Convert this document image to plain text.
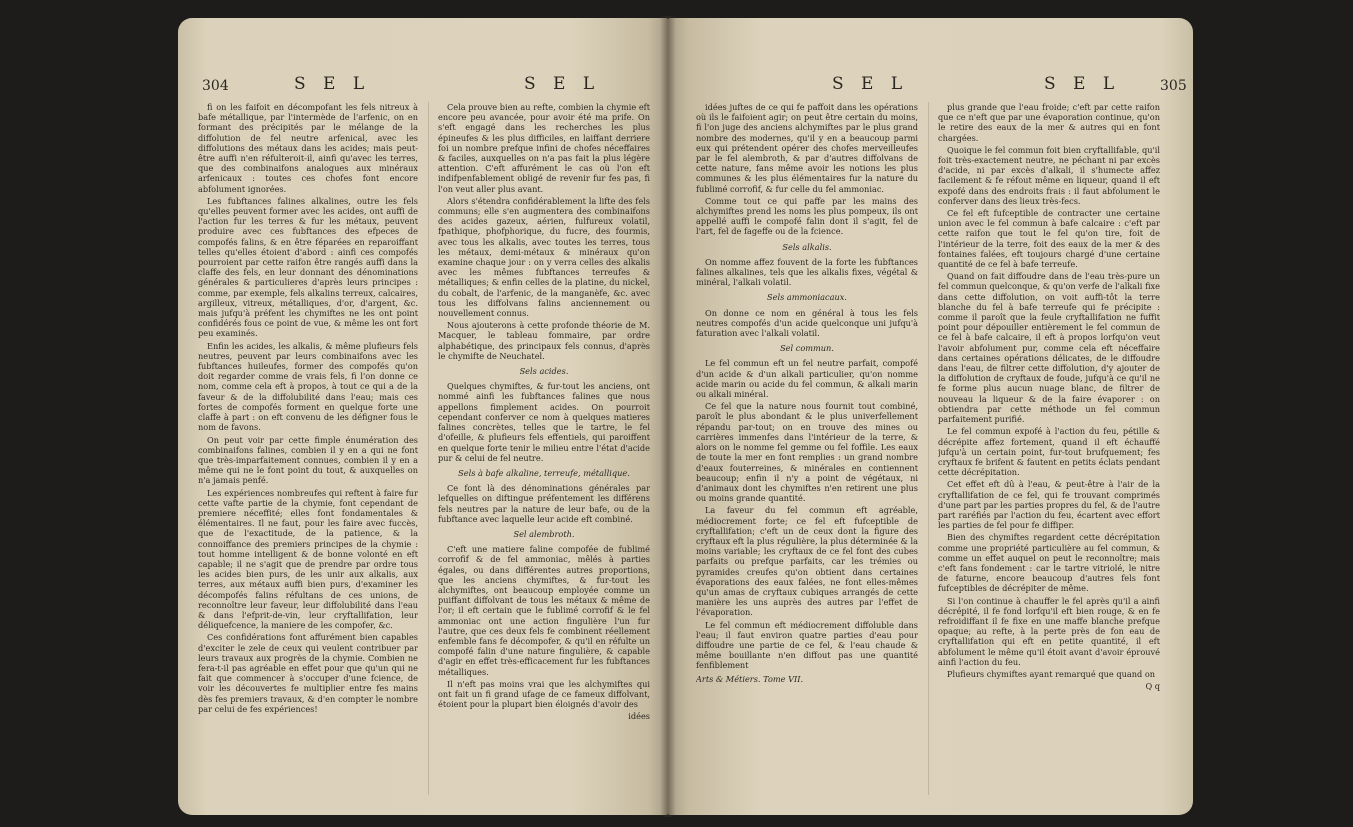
304	S E L	S E L

fi on les faifoit en décompofant les fels nitreux à bafe métallique, par l'intermède de l'arfenic, on en formant des précipités par le mélange de la diffolution de fel neutre arfenical, avec les diffolutions des métaux dans les acides; mais peut-être auffi n'en réfulteroit-il, ainfi qu'avec les terres, que des combinaifons analogues aux minéraux arfenicaux : toutes ces chofes font encore abfolument ignorées.

Les fubftances falines alkalines, outre les fels qu'elles peuvent former avec les acides, ont auffi de l'action fur les terres & fur les métaux, peuvent produire avec ces fubftances des efpeces de compofés falins, & en être féparées en reparoiffant telles qu'elles étoient d'abord : ainfi ces compofés pourroient par cette raifon être rangés auffi dans la claffe des fels, en leur donnant des dénominations générales & particulieres d'après leurs principes : comme, par exemple, fels alkalins terreux, calcaires, argilleux, vitreux, métalliques, d'or, d'argent, &c. mais jufqu'à préfent les chymiftes ne les ont point confidérés fous ce point de vue, & même les ont fort peu examinés.

Enfin les acides, les alkalis, & même plufieurs fels neutres, peuvent par leurs combinaifons avec les fubftances huileufes, former des compofés qu'on doit regarder comme de vrais fels, fi l'on donne ce nom, comme cela eft à propos, à tout ce qui a de la faveur & de la diffolubilité dans l'eau; mais ces fortes de compofés forment en quelque forte une claffe à part : on eft convenu de les défigner fous le nom de favons.

On peut voir par cette fimple énumération des combinaifons falines, combien il y en a qui ne font que très-imparfaitement connues, combien il y en a même qui ne le font point du tout, & auxquelles on n'a jamais penfé.

Les expériences nombreufes qui reftent à faire fur cette vafte partie de la chymie, font cependant de premiere néceffité; elles font fondamentales & élémentaires. Il ne faut, pour les faire avec fuccès, que de l'exactitude, de la patience, & la connoiffance des premiers principes de la chymie : tout homme intelligent & de bonne volonté en eft capable; il ne s'agit que de prendre par ordre tous les acides bien purs, de les unir aux alkalis, aux terres, aux métaux auffi bien purs, d'examiner les décompofés falins réfultans de ces unions, de reconnoître leur faveur, leur diffolubilité dans l'eau & dans l'efprit-de-vin, leur cryftallifation, leur déliquefcence, la maniere de les compofer, &c.

Ces confidérations font affurément bien capables d'exciter le zele de ceux qui veulent contribuer par leurs travaux aux progrès de la chymie. Combien ne fera-t-il pas agréable en effet pour que qu'un qui ne fait que commencer à s'occuper d'une fcience, de voir les découvertes fe multiplier entre fes mains dès fes premiers travaux, & d'en compter le nombre par celui de fes expériences!

Cela prouve bien au refte, combien la chymie eft encore peu avancée, pour avoir été ma prife. On s'eft engagé dans les recherches les plus épineufes & les plus difficiles, en laiffant derriere foi un nombre prefque infini de chofes néceffaires & faciles, auxquelles on n'a pas fait la plus légère attention. C'eft affurément le cas où l'on eft indifpenfablement obligé de revenir fur fes pas, fi l'on veut aller plus avant.

Alors s'étendra confidérablement la lifte des fels communs; elle s'en augmentera des combinaifons des acides gazeux, aérien, fulfureux volatil, fpathique, phofphorique, du fucre, des fourmis, avec tous les alkalis, avec toutes les terres, tous les métaux, demi-métaux & minéraux qu'on examine chaque jour : on y verra celles des alkalis avec les mêmes fubftances terreufes & métalliques; & enfin celles de la platine, du nickel, du cobalt, de l'arfenic, de la manganèfe, &c. avec tous les diffolvans falins anciennement ou nouvellement connus.

Nous ajouterons à cette profonde théorie de M. Macquer, le tableau fommaire, par ordre alphabétique, des principaux fels connus, d'après le chymifte de Neuchatel.

Sels acides.

Quelques chymiftes, & fur-tout les anciens, ont nommé ainfi les fubftances falines que nous appellons fimplement acides. On pourroit cependant conferver ce nom à quelques matieres falines concrètes, telles que le tartre, le fel d'ofeille, & plufieurs fels effentiels, qui paroiffent en quelque forte tenir le milieu entre l'état d'acide pur & celui de fel neutre.

Sels à bafe alkaline, terreufe, métallique.

Ce font là des dénominations générales par lefquelles on diftingue préfentement les différens fels neutres par la nature de leur bafe, ou de la fubftance avec laquelle leur acide eft combiné.

Sel alembroth.

C'eft une matiere faline compofée de fublimé corrofif & de fel ammoniac, mêlés à parties égales, ou dans différentes autres proportions, que les anciens chymiftes, & fur-tout les alchymiftes, ont beaucoup employée comme un puiffant diffolvant de tous les métaux & même de l'or; il eft certain que le fublimé corrofif & le fel ammoniac ont une action fingulière l'un fur l'autre, que ces deux fels fe combinent réellement enfemble fans fe décompofer, & qu'il en réfulte un compofé falin d'une nature fingulière, & capable d'agir en effet très-efficacement fur les fubftances métalliques.

Il n'eft pas moins vrai que les alchymiftes qui ont fait un fi grand ufage de ce fameux diffolvant, étoient pour la plupart bien éloignés d'avoir des

idées

S E L	S E L	305

idées juftes de ce qui fe paffoit dans les opérations où ils le faifoient agir; on peut être certain du moins, fi l'on juge des anciens alchymiftes par le plus grand nombre des modernes, qu'il y en a beaucoup parmi eux qui prétendent opérer des chofes merveilleufes par le fel alembroth, & par d'autres diffolvans de cette nature, fans même avoir les notions les plus communes & les plus élémentaires fur la nature du fublimé corrofif, & fur celle du fel ammoniac.

Comme tout ce qui paffe par les mains des alchymiftes prend les noms les plus pompeux, ils ont appellé auffi le compofé falin dont il s'agit, fel de l'art, fel de fageffe ou de la fcience.

Sels alkalis.

On nomme affez fouvent de la forte les fubftances falines alkalines, tels que les alkalis fixes, végétal & minéral, l'alkali volatil.

Sels ammoniacaux.

On donne ce nom en général à tous les fels neutres compofés d'un acide quelconque uni jufqu'à faturation avec l'alkali volatil.

Sel commun.

Le fel commun eft un fel neutre parfait, compofé d'un acide & d'un alkali particulier, qu'on nomme acide marin ou acide du fel commun, & alkali marin ou alkali minéral.

Ce fel que la nature nous fournit tout combiné, paroît le plus abondant & le plus univerfellement répandu par-tout; on en trouve des mines ou carrières immenfes dans l'intérieur de la terre, & alors on le nomme fel gemme ou fel foffile. Les eaux de toute la mer en font remplies : un grand nombre d'eaux fouterreines, & minérales en contiennent beaucoup; enfin il n'y a point de végétaux, ni d'animaux dont les chymiftes n'en retirent une plus ou moins grande quantité.

La faveur du fel commun eft agréable, médiocrement forte; ce fel eft fufceptible de cryftallifation; c'eft un de ceux dont la figure des cryftaux eft la plus régulière, la plus déterminée & la moins variable; les cryftaux de ce fel font des cubes parfaits ou prefque parfaits, car les trémies ou pyramides creufes qu'on obtient dans certaines évaporations des eaux falées, ne font elles-mêmes qu'un amas de cryftaux cubiques arrangés de cette manière les uns auprès des autres par l'effet de l'évaporation.

Le fel commun eft médiocrement diffoluble dans l'eau; il faut environ quatre parties d'eau pour diffoudre une partie de ce fel, & l'eau chaude & même bouillante n'en diffout pas une quantité fenfiblement

Arts & Métiers. Tome VII.

plus grande que l'eau froide; c'eft par cette raifon que ce n'eft que par une évaporation continue, qu'on le retire des eaux de la mer & autres qui en font chargées.

Quoique le fel commun foit bien cryftallifable, qu'il foit très-exactement neutre, ne péchant ni par excès d'acide, ni par excès d'alkali, il s'humecte affez facilement & fe réfout même en liqueur, quand il eft expofé dans des endroits frais : il faut abfolument le conferver dans des lieux très-fecs.

Ce fel eft fufceptible de contracter une certaine union avec le fel commun à bafe calcaire : c'eft par cette raifon que tout le fel qu'on tire, foit de l'intérieur de la terre, foit des eaux de la mer & des fontaines falées, eft toujours chargé d'une certaine quantité de ce fel à bafe terreufe.

Quand on fait diffoudre dans de l'eau très-pure un fel commun quelconque, & qu'on verfe de l'alkali fixe dans cette diffolution, on voit auffi-tôt la terre blanche du fel à bafe terreufe qui fe précipite : comme il paroît que la feule cryftallifation ne fuffit point pour dépouiller entièrement le fel commun de ce fel à bafe calcaire, il eft à propos lorfqu'on veut l'avoir abfolument pur, comme cela eft néceffaire dans certaines opérations délicates, de le diffoudre dans l'eau, de filtrer cette diffolution, d'y ajouter de la diffolution de cryftaux de foude, jufqu'à ce qu'il ne fe forme plus aucun nuage blanc, de filtrer de nouveau la liqueur & de la faire évaporer : on obtiendra par cette méthode un fel commun parfaitement purifié.

Le fel commun expofé à l'action du feu, pétille & décrépite affez fortement, quand il eft échauffé jufqu'à un certain point, fur-tout brufquement; fes cryftaux fe brifent & fautent en petits éclats pendant cette décrépitation.

Cet effet eft dû à l'eau, & peut-être à l'air de la cryftallifation de ce fel, qui fe trouvant comprimés d'une part par les parties propres du fel, & de l'autre part raréfiés par l'action du feu, écartent avec effort les parties de fel pour fe diffiper.

Bien des chymiftes regardent cette décrépitation comme une propriété particulière au fel commun, & comme un effet auquel on peut le reconnoître; mais c'eft fans fondement : car le tartre vitriolé, le nitre de faturne, encore beaucoup d'autres fels font fufceptibles de décrépiter de même.

Si l'on continue à chauffer le fel après qu'il a ainfi décrépité, il fe fond lorfqu'il eft bien rouge, & en fe refroidiffant il fe fixe en une maffe blanche prefque opaque; au refte, à la perte près de fon eau de cryftallifation qui eft en petite quantité, il eft abfolument le même qu'il étoit avant d'avoir éprouvé ainfi l'action du feu.

Plufieurs chymiftes ayant remarqué que quand on

Q q
